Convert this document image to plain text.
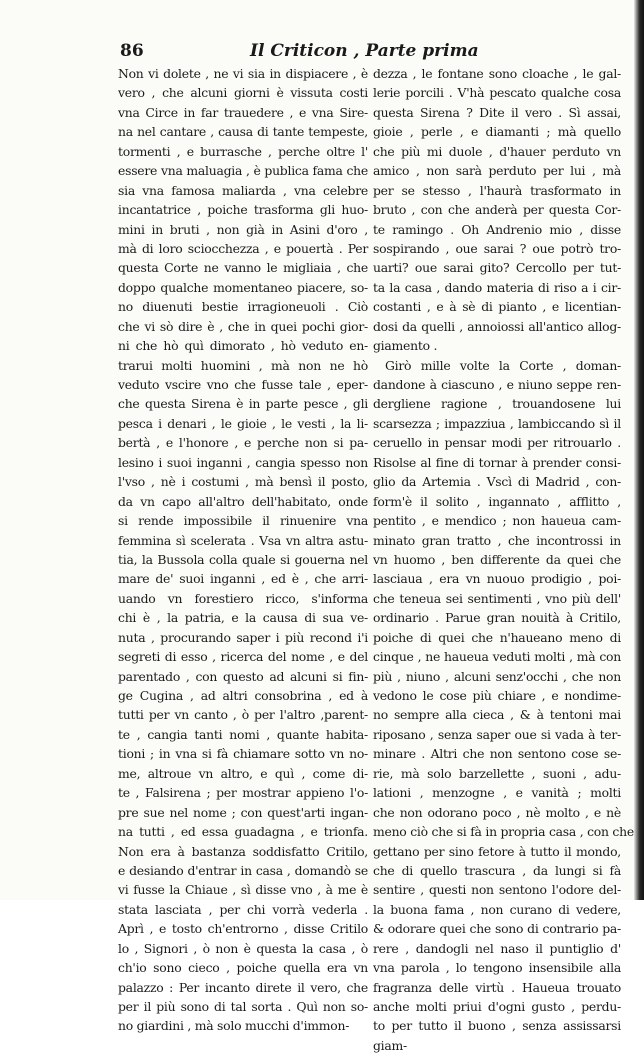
86	Il Criticon , Parte prima
Non vi dolete , ne vi sia in dispiacere , è
vero , che alcuni giorni è vissuta costi
vna Circe in far trauedere , e vna Sire-
na nel cantare , causa di tante tempeste,
tormenti , e burrasche , perche oltre l'
essere vna maluagia , è publica fama che
sia vna famosa maliarda , vna celebre
incantatrice , poiche trasforma gli huo-
mini in bruti , non già in Asini d'oro ,
mà di loro sciocchezza , e pouertà . Per
questa Corte ne vanno le migliaia , che
doppo qualche momentaneo piacere, so-
no diuenuti bestie irragioneuoli . Ciò
che vi sò dire è , che in quei pochi gior-
ni che hò quì dimorato , hò veduto en-
trarui molti huomini , mà non ne hò
veduto vscire vno che fusse tale , eper-
che questa Sirena è in parte pesce , gli
pesca i denari , le gioie , le vesti , la li-
bertà , e l'honore , e perche non si pa-
lesino i suoi inganni , cangia spesso non
l'vso , nè i costumi , mà bensì il posto,
da vn capo all'altro dell'habitato, onde
si rende impossibile il rinuenire vna
femmina sì scelerata . Vsa vn altra astu-
tia, la Bussola colla quale si gouerna nel
mare de' suoi inganni , ed è , che arri-
uando vn forestiero ricco, s'informa
chi è , la patria, e la causa di sua ve-
nuta , procurando saper i più recond i'i
segreti di esso , ricerca del nome , e del
parentado , con questo ad alcuni si fin-
ge Cugina , ad altri consobrina , ed à
tutti per vn canto , ò per l'altro ,parent-
te , cangia tanti nomi , quante habita-
tioni ; in vna si fà chiamare sotto vn no-
me, altroue vn altro, e quì , come di-
te , Falsirena ; per mostrar appieno l'o-
pre sue nel nome ; con quest'arti ingan-
na tutti , ed essa guadagna , e trionfa.
Non era à bastanza soddisfatto Critilo,
e desiando d'entrar in casa , domandò se
vi fusse la Chiaue , sì disse vno , à me è
stata lasciata , per chi vorrà vederla .
Aprì , e tosto ch'entrorno , disse Critilo
lo , Signori , ò non è questa la casa , ò
ch'io sono cieco , poiche quella era vn
palazzo : Per incanto direte il vero, che
per il più sono di tal sorta . Quì non so-
no giardini , mà solo mucchi d'immon-
dezza , le fontane sono cloache , le gal-
lerie porcili . V'hà pescato qualche cosa
questa Sirena ? Dite il vero . Sì assai,
gioie , perle , e diamanti ; mà quello
che più mi duole , d'hauer perduto vn
amico , non sarà perduto per lui , mà
per se stesso , l'haurà trasformato in
bruto , con che anderà per questa Cor-
te ramingo . Oh Andrenio mio , disse
sospirando , oue sarai ? oue potrò tro-
uarti? oue sarai gito? Cercollo per tut-
ta la casa , dando materia di riso a i cir-
costanti , e à sè di pianto , e licentian-
dosi da quelli , annoiossi all'antico allog-
giamento .
Girò mille volte la Corte , doman-
dandone à ciascuno , e niuno seppe ren-
dergliene ragione , trouandosene lui
scarsezza ; impazziua , lambiccando sì il
ceruello in pensar modi per ritrouarlo .
Risolse al fine di tornar à prender consi-
glio da Artemia . Vscì di Madrid , con-
form'è il solito , ingannato , afflitto ,
pentito , e mendico ; non haueua cam-
minato gran tratto , che incontrossi in
vn huomo , ben differente da quei che
lasciaua , era vn nuouo prodigio , poi-
che teneua sei sentimenti , vno più dell'
ordinario . Parue gran nouità à Critilo,
poiche di quei che n'haueano meno di
cinque , ne haueua veduti molti , mà con
più , niuno , alcuni senz'occhi , che non
vedono le cose più chiare , e nondime-
no sempre alla cieca , & à tentoni mai
riposano , senza saper oue si vada à ter-
minare . Altri che non sentono cose se-
rie, mà solo barzellette , suoni , adu-
lationi , menzogne , e vanità ; molti
che non odorano poco , nè molto , e nè
meno ciò che si fà in propria casa , con che
gettano per sino fetore à tutto il mondo,
che di quello trascura , da lungi si fà
sentire , questi non sentono l'odore del-
la buona fama , non curano di vedere,
& odorare quei che sono di contrario pa-
rere , dandogli nel naso il puntiglio d'
vna parola , lo tengono insensibile alla
fragranza delle virtù . Haueua trouato
anche molti priui d'ogni gusto , perdu-
to per tutto il buono , senza assissarsi
giam-
